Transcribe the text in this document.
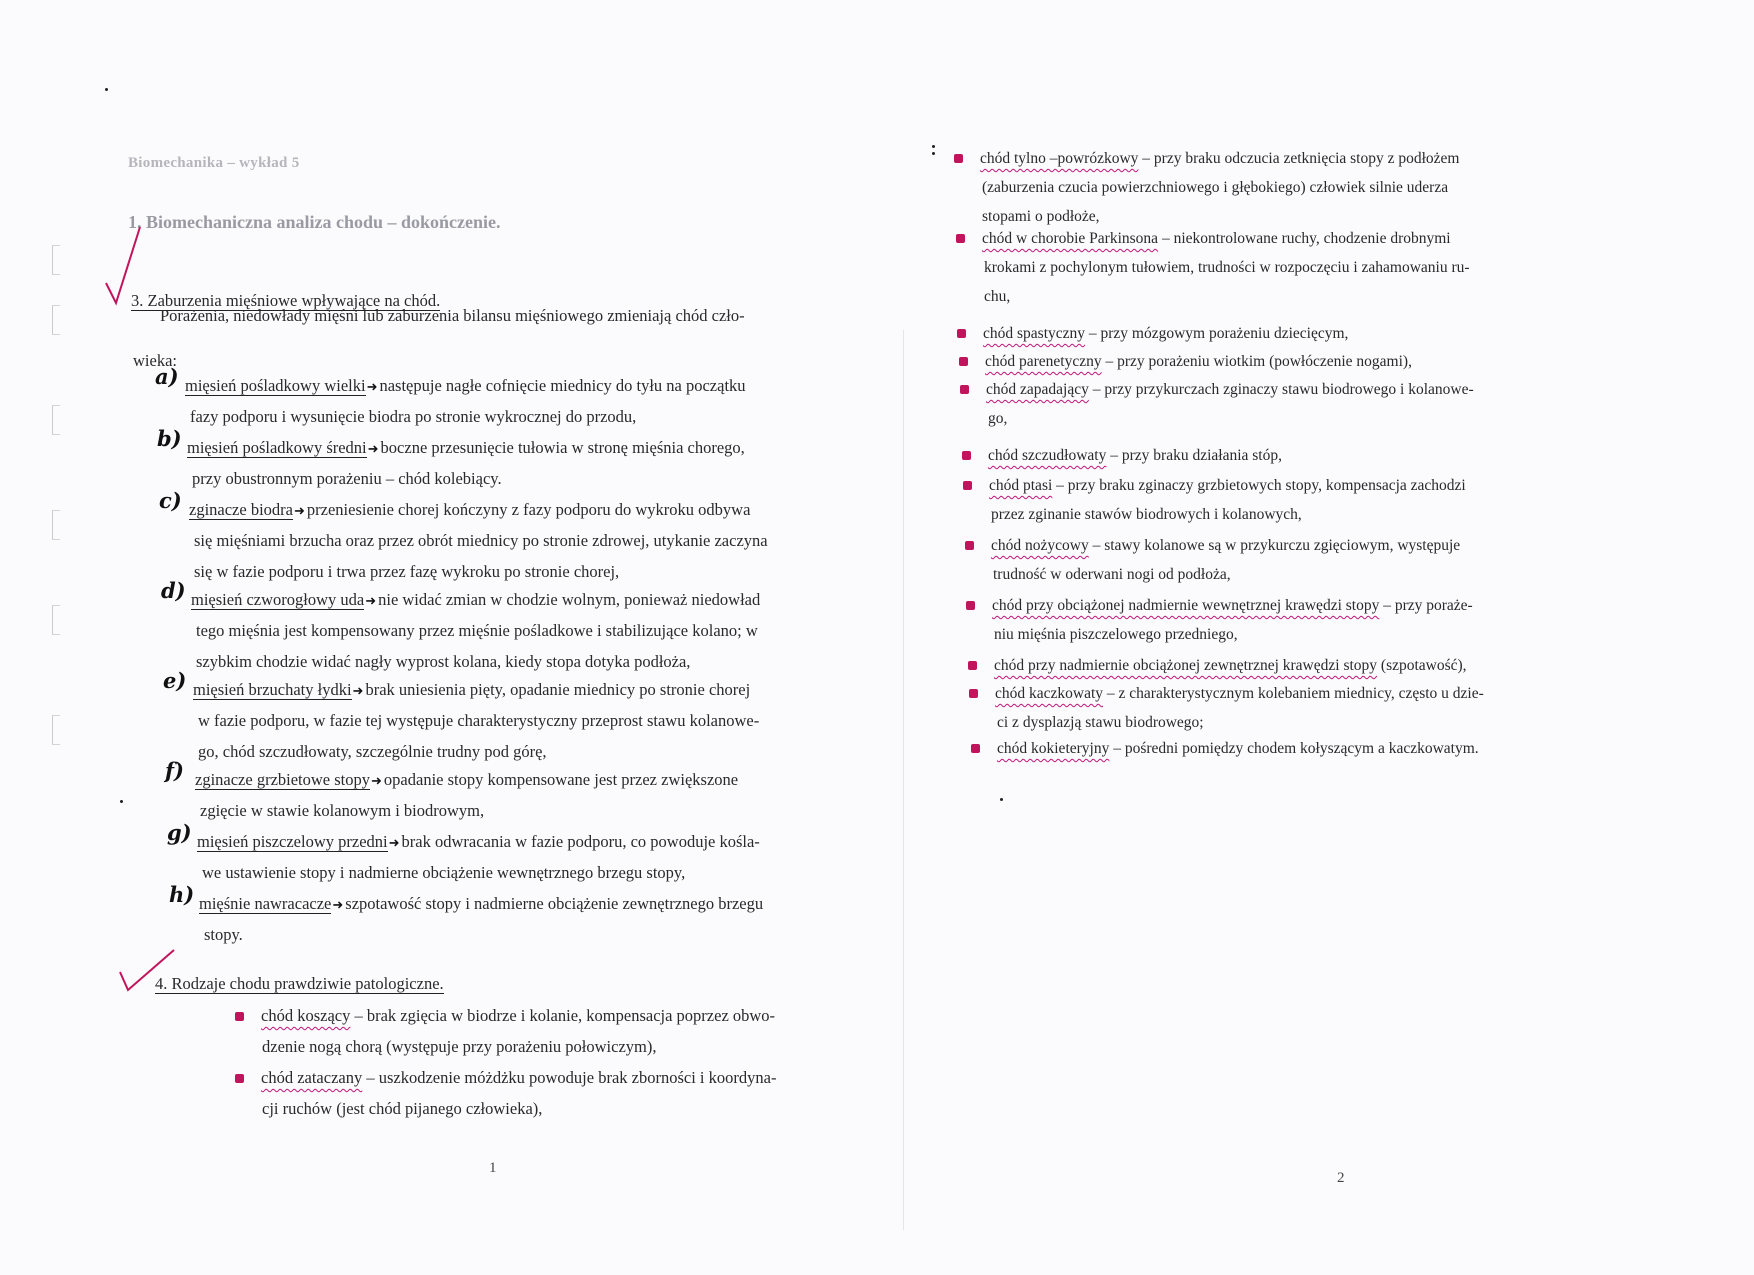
Biomechanika – wykład 5
1. Biomechaniczna analiza chodu – dokończenie.
3. Zaburzenia mięśniowe wpływające na chód.
Porażenia, niedowłady mięśni lub zaburzenia bilansu mięśniowego zmieniają chód czło-
wieka:
a) mięsień pośladkowy wielki➜ następuje nagłe cofnięcie miednicy do tyłu na początku
fazy podporu i wysunięcie biodra po stronie wykrocznej do przodu,
b) mięsień pośladkowy średni➜ boczne przesunięcie tułowia w stronę mięśnia chorego,
przy obustronnym porażeniu – chód kolebiący.
c) zginacze biodra➜ przeniesienie chorej kończyny z fazy podporu do wykroku odbywa
się mięśniami brzucha oraz przez obrót miednicy po stronie zdrowej, utykanie zaczyna
się w fazie podporu i trwa przez fazę wykroku po stronie chorej,
d) mięsień czworogłowy uda➜ nie widać zmian w chodzie wolnym, ponieważ niedowład
tego mięśnia jest kompensowany przez mięśnie pośladkowe i stabilizujące kolano; w
szybkim chodzie widać nagły wyprost kolana, kiedy stopa dotyka podłoża,
e) mięsień brzuchaty łydki➜ brak uniesienia pięty, opadanie miednicy po stronie chorej
w fazie podporu, w fazie tej występuje charakterystyczny przeprost stawu kolanowe-
go, chód szczudłowaty, szczególnie trudny pod górę,
f) zginacze grzbietowe stopy➜ opadanie stopy kompensowane jest przez zwiększone
zgięcie w stawie kolanowym i biodrowym,
g) mięsień piszczelowy przedni➜ brak odwracania w fazie podporu, co powoduje kośla-
we ustawienie stopy i nadmierne obciążenie wewnętrznego brzegu stopy,
h) mięśnie nawracacze➜ szpotawość stopy i nadmierne obciążenie zewnętrznego brzegu
stopy.
4. Rodzaje chodu prawdziwie patologiczne.
chód koszący – brak zgięcia w biodrze i kolanie, kompensacja poprzez obwo-
dzenie nogą chorą (występuje przy porażeniu połowiczym),
chód zataczany – uszkodzenie móżdżku powoduje brak zborności i koordyna-
cji ruchów (jest chód pijanego człowieka),
1
chód tylno –powrózkowy – przy braku odczucia zetknięcia stopy z podłożem
(zaburzenia czucia powierzchniowego i głębokiego) człowiek silnie uderza
stopami o podłoże,
chód w chorobie Parkinsona – niekontrolowane ruchy, chodzenie drobnymi
krokami z pochylonym tułowiem, trudności w rozpoczęciu i zahamowaniu ru-
chu,
chód spastyczny – przy mózgowym porażeniu dziecięcym,
chód parenetyczny – przy porażeniu wiotkim (powłóczenie nogami),
chód zapadający – przy przykurczach zginaczy stawu biodrowego i kolanowe-
go,
chód szczudłowaty – przy braku działania stóp,
chód ptasi – przy braku zginaczy grzbietowych stopy, kompensacja zachodzi
przez zginanie stawów biodrowych i kolanowych,
chód nożycowy – stawy kolanowe są w przykurczu zgięciowym, występuje
trudność w oderwani nogi od podłoża,
chód przy obciążonej nadmiernie wewnętrznej krawędzi stopy – przy poraże-
niu mięśnia piszczelowego przedniego,
chód przy nadmiernie obciążonej zewnętrznej krawędzi stopy (szpotawość),
chód kaczkowaty – z charakterystycznym kolebaniem miednicy, często u dzie-
ci z dysplazją stawu biodrowego;
chód kokieteryjny – pośredni pomiędzy chodem kołyszącym a kaczkowatym.
2
